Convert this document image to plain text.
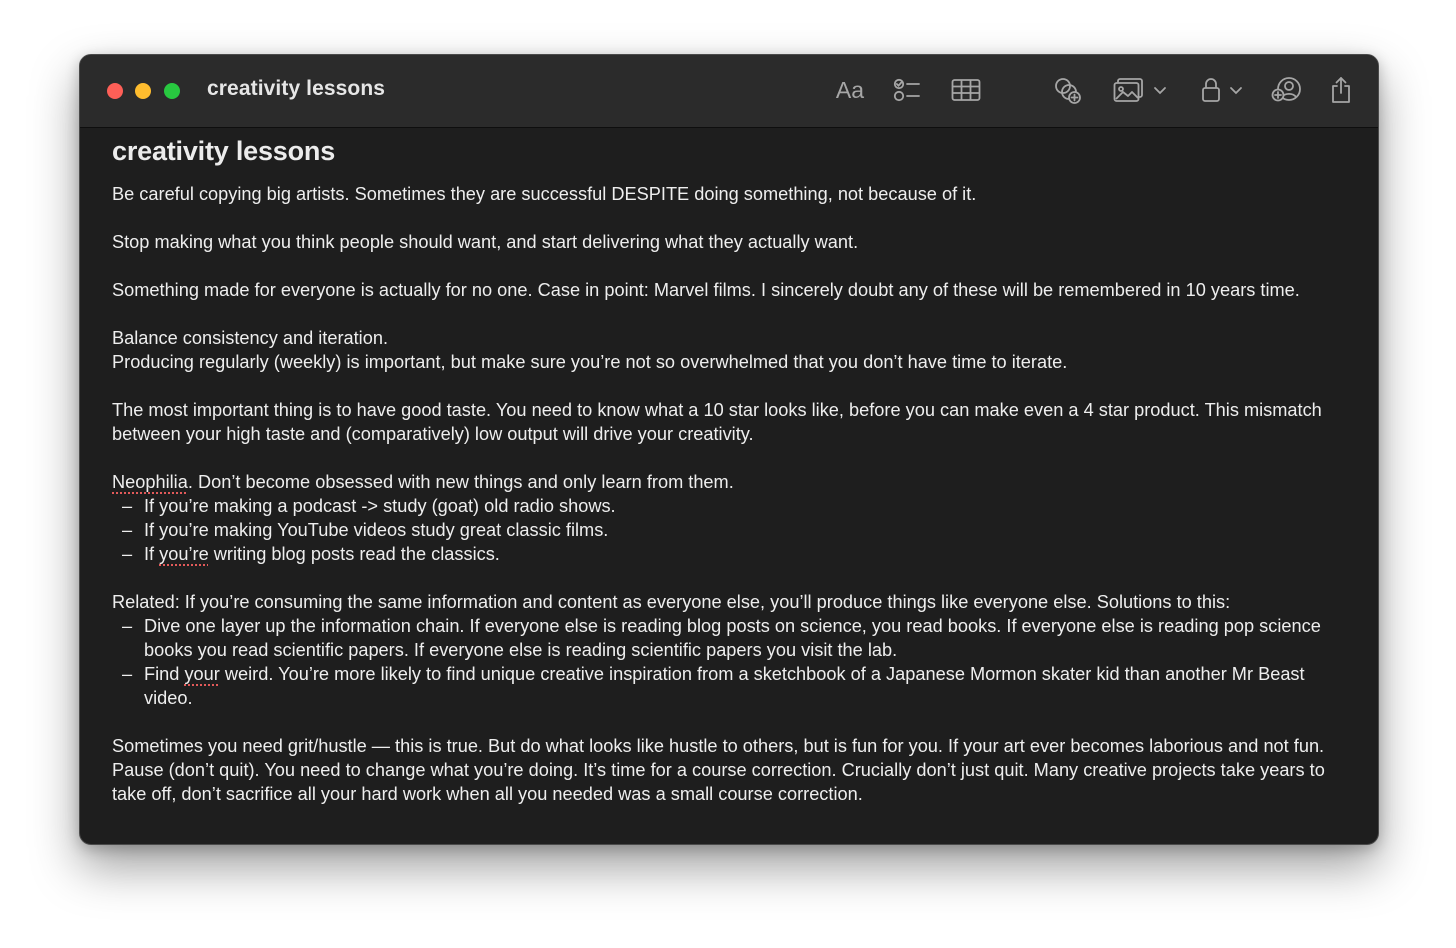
creativity lessons	Aa
creativity lessons

Be careful copying big artists. Sometimes they are successful DESPITE doing something, not because of it.

Stop making what you think people should want, and start delivering what they actually want.

Something made for everyone is actually for no one. Case in point: Marvel films. I sincerely doubt any of these will be remembered in 10 years time.

Balance consistency and iteration.

Producing regularly (weekly) is important, but make sure you’re not so overwhelmed that you don’t have time to iterate.

The most important thing is to have good taste. You need to know what a 10 star looks like, before you can make even a 4 star product. This mismatch between your high taste and (comparatively) low output will drive your creativity.

Neophilia. Don’t become obsessed with new things and only learn from them.

– If you’re making a podcast -> study (goat) old radio shows.
– If you’re making YouTube videos study great classic films.
– If you’re writing blog posts read the classics.

Related: If you’re consuming the same information and content as everyone else, you’ll produce things like everyone else. Solutions to this:

– Dive one layer up the information chain. If everyone else is reading blog posts on science, you read books. If everyone else is reading pop science books you read scientific papers. If everyone else is reading scientific papers you visit the lab.
– Find your weird. You’re more likely to find unique creative inspiration from a sketchbook of a Japanese Mormon skater kid than another Mr Beast video.

Sometimes you need grit/hustle — this is true. But do what looks like hustle to others, but is fun for you. If your art ever becomes laborious and not fun. Pause (don’t quit). You need to change what you’re doing. It’s time for a course correction. Crucially don’t just quit. Many creative projects take years to take off, don’t sacrifice all your hard work when all you needed was a small course correction.
